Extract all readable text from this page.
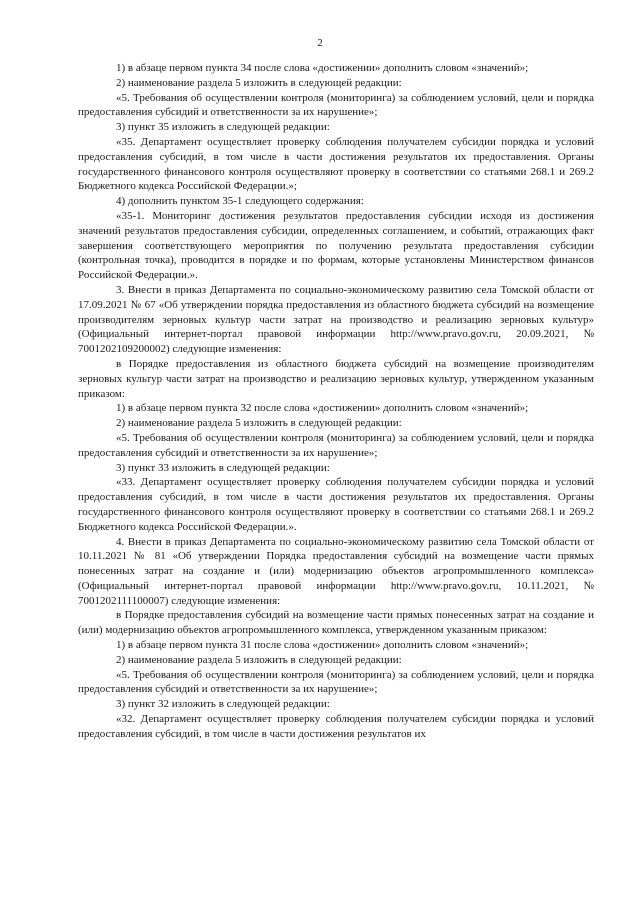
2

1) в абзаце первом пункта 34 после слова «достижении» дополнить словом «значений»;

2) наименование раздела 5 изложить в следующей редакции:

«5. Требования об осуществлении контроля (мониторинга) за соблюдением условий, цели и порядка предоставления субсидий и ответственности за их нарушение»;

3) пункт 35 изложить в следующей редакции:

«35. Департамент осуществляет проверку соблюдения получателем субсидии порядка и условий предоставления субсидий, в том числе в части достижения результатов их предоставления. Органы государственного финансового контроля осуществляют проверку в соответствии со статьями 268.1 и 269.2 Бюджетного кодекса Российской Федерации.»;

4) дополнить пунктом 35-1 следующего содержания:

«35-1. Мониторинг достижения результатов предоставления субсидии исходя из достижения значений результатов предоставления субсидии, определенных соглашением, и событий, отражающих факт завершения соответствующего мероприятия по получению результата предоставления субсидии (контрольная точка), проводится в порядке и по формам, которые установлены Министерством финансов Российской Федерации.».

3. Внести в приказ Департамента по социально-экономическому развитию села Томской области от 17.09.2021 № 67 «Об утверждении порядка предоставления из областного бюджета субсидий на возмещение производителям зерновых культур части затрат на производство и реализацию зерновых культур» (Официальный интернет-портал правовой информации http://www.pravo.gov.ru, 20.09.2021, № 7001202109200002) следующие изменения:

в Порядке предоставления из областного бюджета субсидий на возмещение производителям зерновых культур части затрат на производство и реализацию зерновых культур, утвержденном указанным приказом:

1) в абзаце первом пункта 32 после слова «достижении» дополнить словом «значений»;

2) наименование раздела 5 изложить в следующей редакции:

«5. Требования об осуществлении контроля (мониторинга) за соблюдением условий, цели и порядка предоставления субсидий и ответственности за их нарушение»;

3) пункт 33 изложить в следующей редакции:

«33. Департамент осуществляет проверку соблюдения получателем субсидии порядка и условий предоставления субсидий, в том числе в части достижения результатов их предоставления. Органы государственного финансового контроля осуществляют проверку в соответствии со статьями 268.1 и 269.2 Бюджетного кодекса Российской Федерации.».

4. Внести в приказ Департамента по социально-экономическому развитию села Томской области от 10.11.2021 № 81 «Об утверждении Порядка предоставления субсидий на возмещение части прямых понесенных затрат на создание и (или) модернизацию объектов агропромышленного комплекса» (Официальный интернет-портал правовой информации http://www.pravo.gov.ru, 10.11.2021, № 7001202111100007) следующие изменения:

в Порядке предоставления субсидий на возмещение части прямых понесенных затрат на создание и (или) модернизацию объектов агропромышленного комплекса, утвержденном указанным приказом:

1) в абзаце первом пункта 31 после слова «достижении» дополнить словом «значений»;

2) наименование раздела 5 изложить в следующей редакции:

«5. Требования об осуществлении контроля (мониторинга) за соблюдением условий, цели и порядка предоставления субсидий и ответственности за их нарушение»;

3) пункт 32 изложить в следующей редакции:

«32. Департамент осуществляет проверку соблюдения получателем субсидии порядка и условий предоставления субсидий, в том числе в части достижения результатов их
